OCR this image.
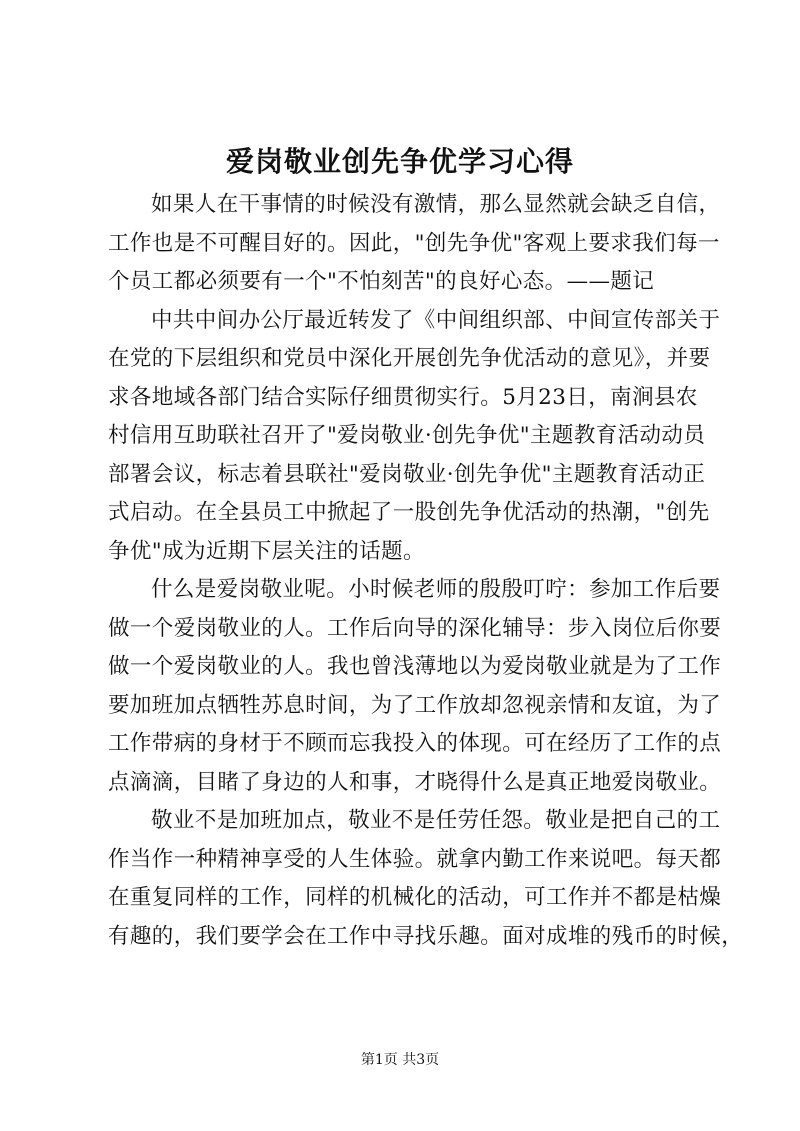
爱岗敬业创先争优学习心得
如果人在干事情的时候没有激情，那么显然就会缺乏自信，
工作也是不可醒目好的。因此，"创先争优"客观上要求我们每一
个员工都必须要有一个"不怕刻苦"的良好心态。——题记
中共中间办公厅最近转发了《中间组织部、中间宣传部关于
在党的下层组织和党员中深化开展创先争优活动的意见》，并要
求各地域各部门结合实际仔细贯彻实行。5月23日，南涧县农
村信用互助联社召开了"爱岗敬业·创先争优"主题教育活动动员
部署会议，标志着县联社"爱岗敬业·创先争优"主题教育活动正
式启动。在全县员工中掀起了一股创先争优活动的热潮，"创先
争优"成为近期下层关注的话题。
什么是爱岗敬业呢。小时候老师的殷殷叮咛：参加工作后要
做一个爱岗敬业的人。工作后向导的深化辅导：步入岗位后你要
做一个爱岗敬业的人。我也曾浅薄地以为爱岗敬业就是为了工作
要加班加点牺牲苏息时间，为了工作放却忽视亲情和友谊，为了
工作带病的身材于不顾而忘我投入的体现。可在经历了工作的点
点滴滴，目睹了身边的人和事，才晓得什么是真正地爱岗敬业。
敬业不是加班加点，敬业不是任劳任怨。敬业是把自己的工
作当作一种精神享受的人生体验。就拿内勤工作来说吧。每天都
在重复同样的工作，同样的机械化的活动，可工作并不都是枯燥
有趣的，我们要学会在工作中寻找乐趣。面对成堆的残币的时候，
第1页 共3页
